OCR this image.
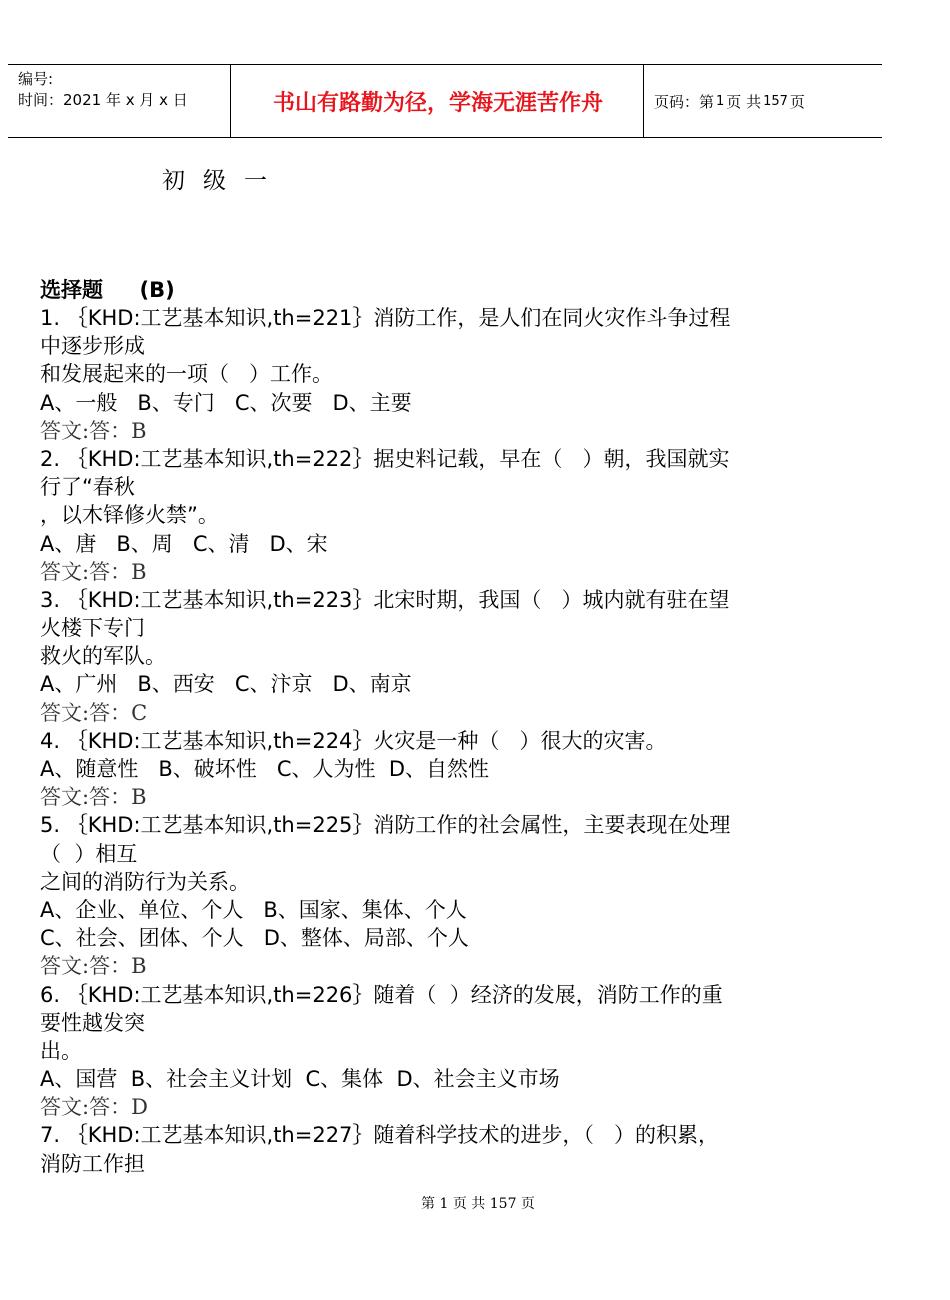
编号:
时间：2021 年 x 月 x 日	书山有路勤为径，学海无涯苦作舟	页码：第 1 页 共 157 页
初级一
选择题     (B)
1. ｛KHD:工艺基本知识,th=221｝消防工作，是人们在同火灾作斗争过程
中逐步形成
和发展起来的一项（   ）工作。
A、一般   B、专门   C、次要   D、主要
答文:答：B
2. ｛KHD:工艺基本知识,th=222｝据史料记载，早在（   ）朝，我国就实
行了“春秋
，以木铎修火禁”。
A、唐   B、周   C、清   D、宋
答文:答：B
3. ｛KHD:工艺基本知识,th=223｝北宋时期，我国（   ）城内就有驻在望
火楼下专门
救火的军队。
A、广州   B、西安   C、汴京   D、南京
答文:答：C
4. ｛KHD:工艺基本知识,th=224｝火灾是一种（   ）很大的灾害。
A、随意性   B、破坏性   C、人为性  D、自然性
答文:答：B
5. ｛KHD:工艺基本知识,th=225｝消防工作的社会属性，主要表现在处理
（  ）相互
之间的消防行为关系。
A、企业、单位、个人   B、国家、集体、个人
C、社会、团体、个人   D、整体、局部、个人
答文:答：B
6. ｛KHD:工艺基本知识,th=226｝随着（  ）经济的发展，消防工作的重
要性越发突
出。
A、国营  B、社会主义计划  C、集体  D、社会主义市场
答文:答：D
7. ｛KHD:工艺基本知识,th=227｝随着科学技术的进步，（   ）的积累，
消防工作担
第 1 页 共 157 页
